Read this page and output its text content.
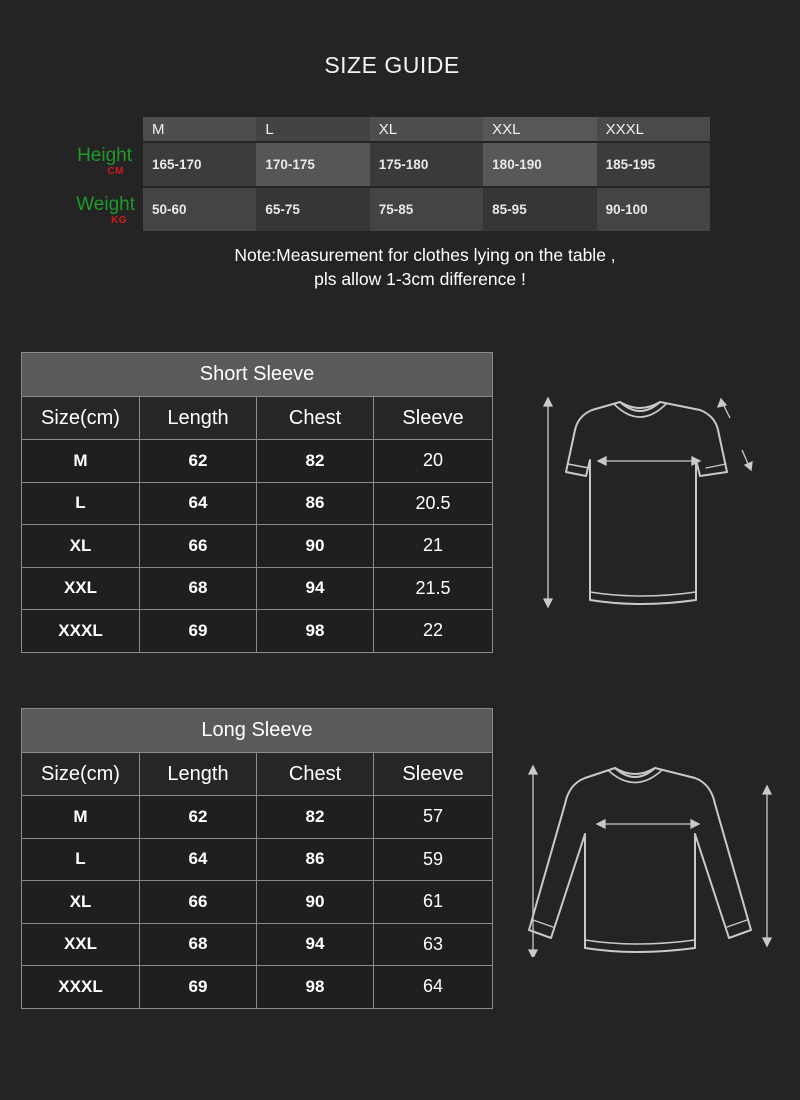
SIZE GUIDE
Height
CM
Weight
KG
M	L	XL	XXL	XXXL
165-170	170-175	175-180	180-190	185-195
50-60	65-75	75-85	85-95	90-100
Note:Measurement for clothes lying on the table ,

pls allow 1-3cm difference !
Short Sleeve			
Size(cm)	Length	Chest	Sleeve
M	62	82	20
L	64	86	20.5
XL	66	90	21
XXL	68	94	21.5
XXXL	69	98	22
Long Sleeve			
Size(cm)	Length	Chest	Sleeve
M	62	82	57
L	64	86	59
XL	66	90	61
XXL	68	94	63
XXXL	69	98	64
